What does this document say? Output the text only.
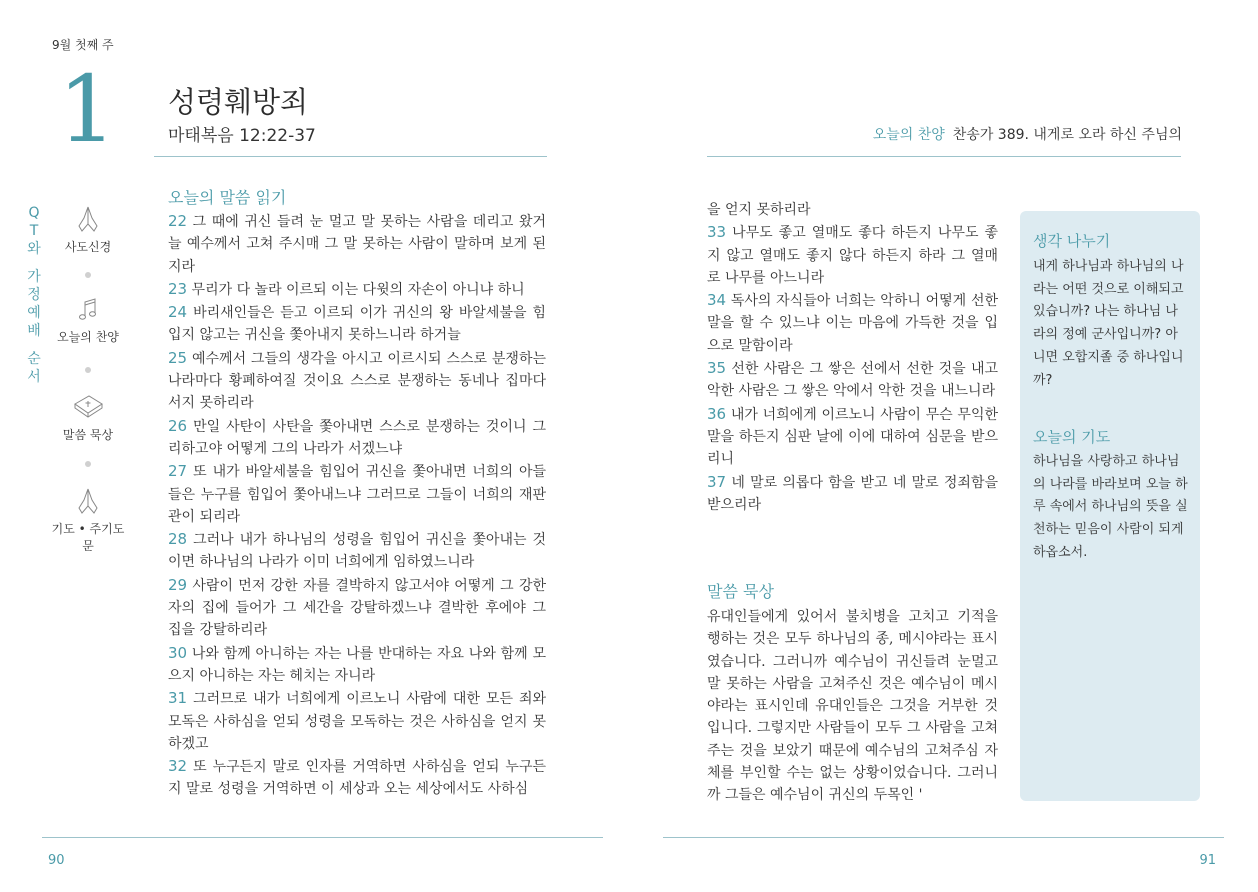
9월 첫째 주
1 성령훼방죄
마태복음 12:22-37	오늘의 찬양 찬송가 389. 내게로 오라 하신 주님의
Q
T
와
가
정
예
배
순
서
사도신경
오늘의 찬양
말씀 묵상
기도 • 주기도문
오늘의 말씀 읽기

22 그 때에 귀신 들려 눈 멀고 말 못하는 사람을 데리고 왔거늘 예수께서 고쳐 주시매 그 말 못하는 사람이 말하며 보게 된지라

23 무리가 다 놀라 이르되 이는 다윗의 자손이 아니냐 하니

24 바리새인들은 듣고 이르되 이가 귀신의 왕 바알세불을 힘입지 않고는 귀신을 쫓아내지 못하느니라 하거늘

25 예수께서 그들의 생각을 아시고 이르시되 스스로 분쟁하는 나라마다 황폐하여질 것이요 스스로 분쟁하는 동네나 집마다 서지 못하리라

26 만일 사탄이 사탄을 쫓아내면 스스로 분쟁하는 것이니 그리하고야 어떻게 그의 나라가 서겠느냐

27 또 내가 바알세불을 힘입어 귀신을 쫓아내면 너희의 아들들은 누구를 힘입어 쫓아내느냐 그러므로 그들이 너희의 재판관이 되리라

28 그러나 내가 하나님의 성령을 힘입어 귀신을 쫓아내는 것이면 하나님의 나라가 이미 너희에게 임하였느니라

29 사람이 먼저 강한 자를 결박하지 않고서야 어떻게 그 강한 자의 집에 들어가 그 세간을 강탈하겠느냐 결박한 후에야 그 집을 강탈하리라

30 나와 함께 아니하는 자는 나를 반대하는 자요 나와 함께 모으지 아니하는 자는 헤치는 자니라

31 그러므로 내가 너희에게 이르노니 사람에 대한 모든 죄와 모독은 사하심을 얻되 성령을 모독하는 것은 사하심을 얻지 못하겠고

32 또 누구든지 말로 인자를 거역하면 사하심을 얻되 누구든지 말로 성령을 거역하면 이 세상과 오는 세상에서도 사하심

을 얻지 못하리라

33 나무도 좋고 열매도 좋다 하든지 나무도 좋지 않고 열매도 좋지 않다 하든지 하라 그 열매로 나무를 아느니라

34 독사의 자식들아 너희는 악하니 어떻게 선한 말을 할 수 있느냐 이는 마음에 가득한 것을 입으로 말함이라

35 선한 사람은 그 쌓은 선에서 선한 것을 내고 악한 사람은 그 쌓은 악에서 악한 것을 내느니라

36 내가 너희에게 이르노니 사람이 무슨 무익한 말을 하든지 심판 날에 이에 대하여 심문을 받으리니

37 네 말로 의롭다 함을 받고 네 말로 정죄함을 받으리라

말씀 묵상
유대인들에게 있어서 불치병을 고치고 기적을 행하는 것은 모두 하나님의 종, 메시야라는 표시였습니다. 그러니까 예수님이 귀신들려 눈멀고 말 못하는 사람을 고쳐주신 것은 예수님이 메시야라는 표시인데 유대인들은 그것을 거부한 것입니다. 그렇지만 사람들이 모두 그 사람을 고쳐주는 것을 보았기 때문에 예수님의 고쳐주심 자체를 부인할 수는 없는 상황이었습니다. 그러니까 그들은 예수님이 귀신의 두목인 '
생각 나누기
내게 하나님과 하나님의 나라는 어떤 것으로 이해되고 있습니까? 나는 하나님 나라의 정예 군사입니까? 아니면 오합지졸 중 하나입니까?
오늘의 기도
하나님을 사랑하고 하나님의 나라를 바라보며 오늘 하루 속에서 하나님의 뜻을 실천하는 믿음이 사람이 되게 하옵소서.
90	91
